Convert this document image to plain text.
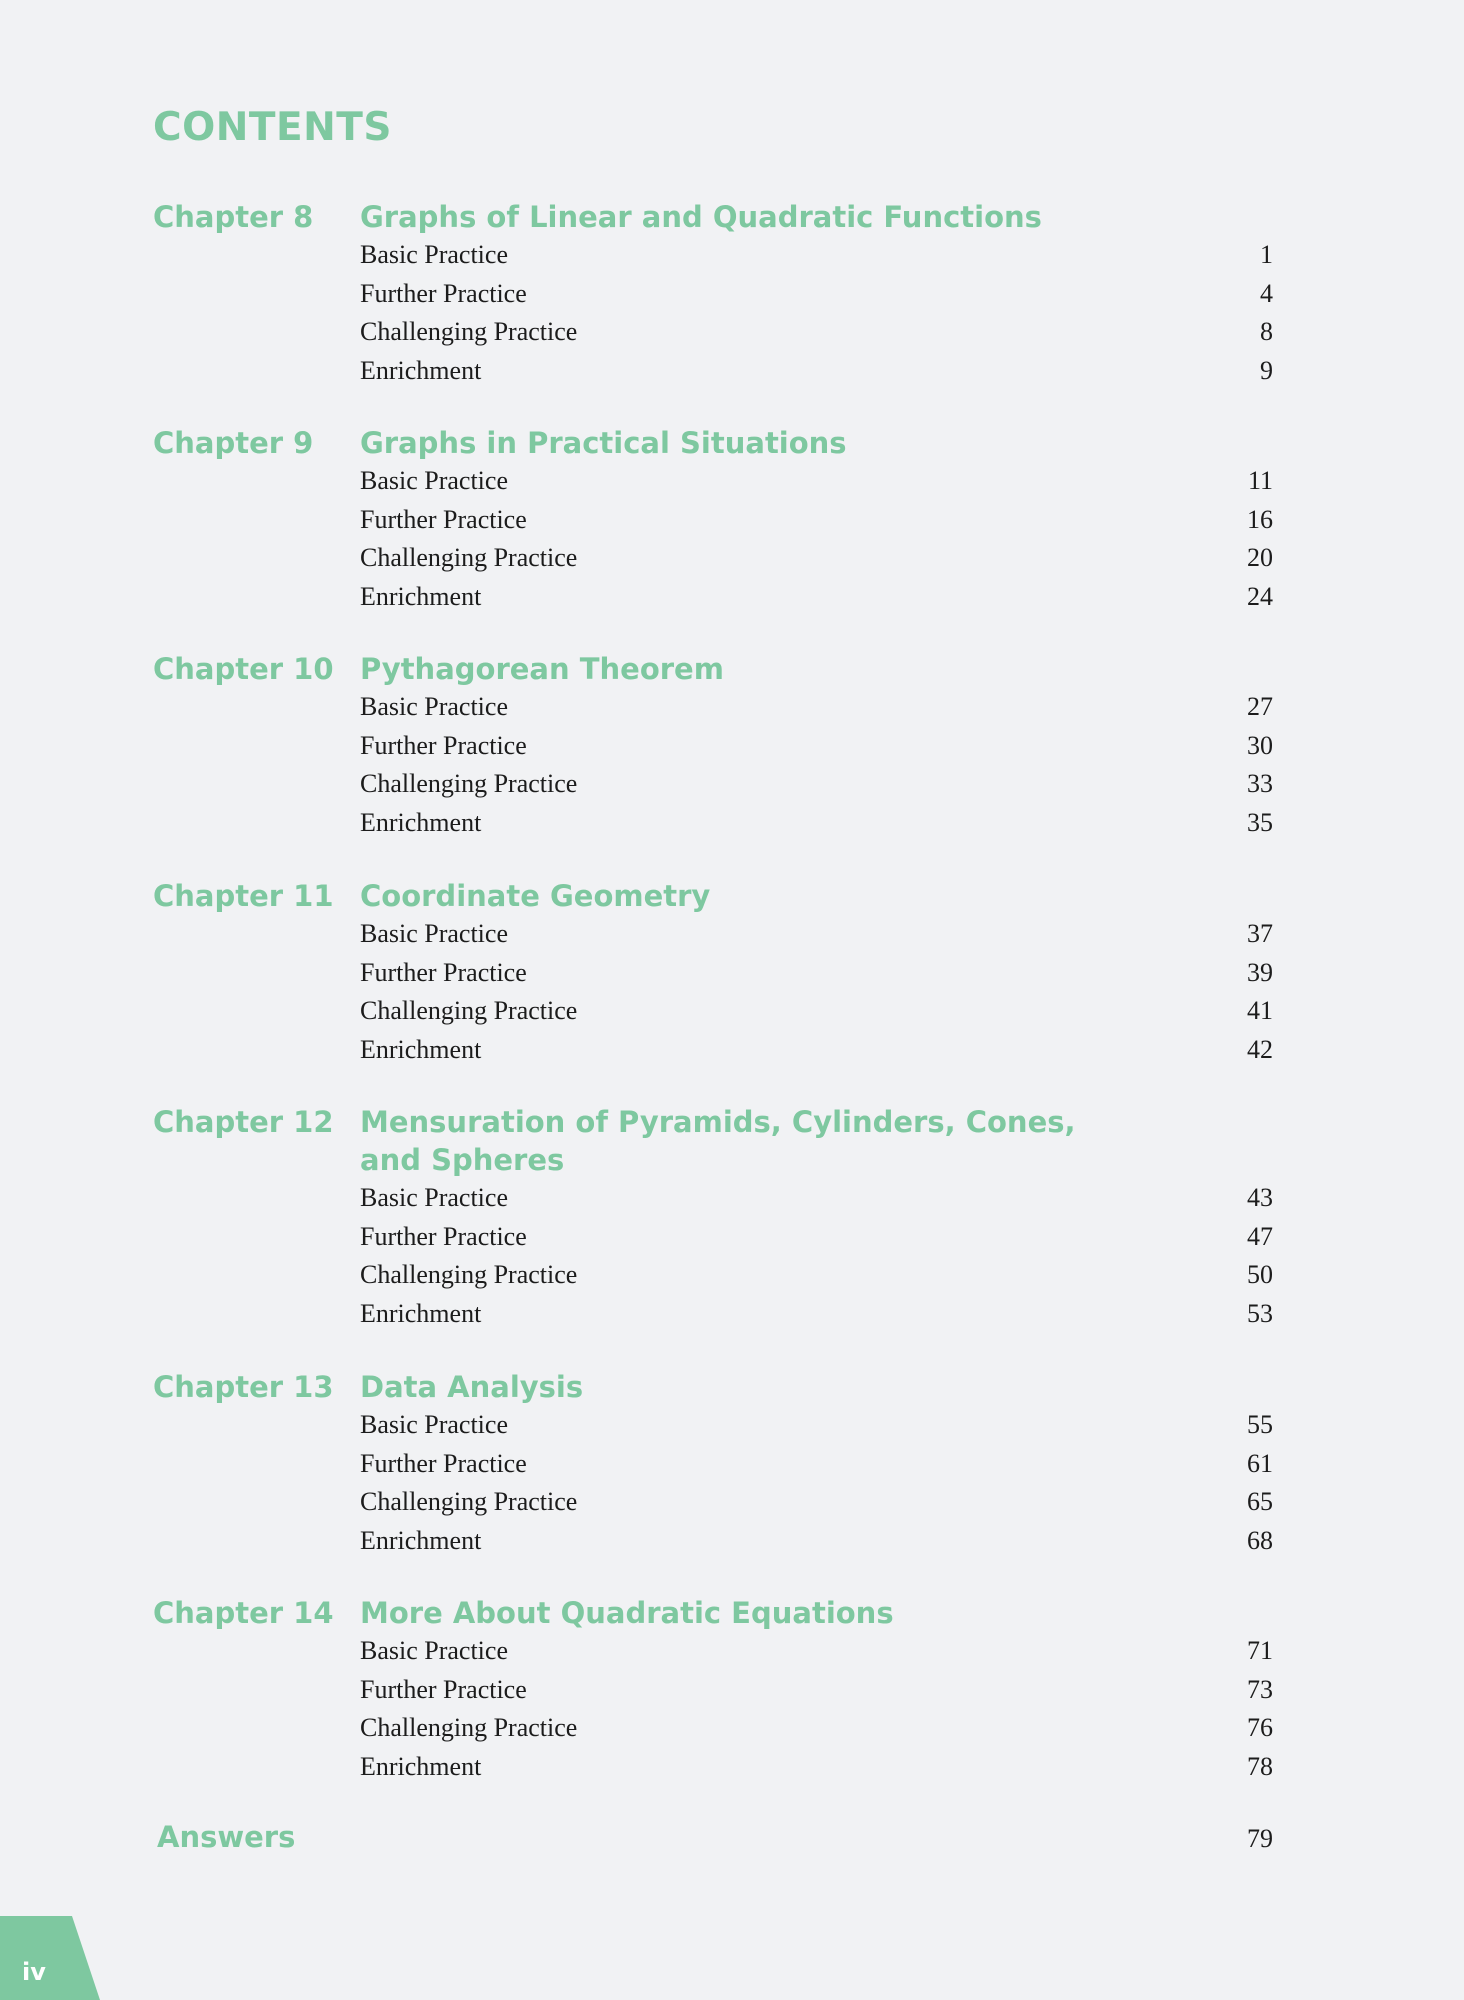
CONTENTS
Chapter 8	Graphs of Linear and Quadratic Functions
Basic Practice	1
Further Practice	4
Challenging Practice	8
Enrichment	9
Chapter 9	Graphs in Practical Situations
Basic Practice	11
Further Practice	16
Challenging Practice	20
Enrichment	24
Chapter 10 Pythagorean Theorem
Basic Practice	27
Further Practice	30
Challenging Practice	33
Enrichment	35
Chapter 11 Coordinate Geometry
Basic Practice	37
Further Practice	39
Challenging Practice	41
Enrichment	42
Chapter 12 Mensuration of Pyramids, Cylinders, Cones, and Spheres
Basic Practice	43
Further Practice	47
Challenging Practice	50
Enrichment	53
Chapter 13 Data Analysis
Basic Practice	55
Further Practice	61
Challenging Practice	65
Enrichment	68
Chapter 14 More About Quadratic Equations
Basic Practice	71
Further Practice	73
Challenging Practice	76
Enrichment	78
Answers	79
iv
